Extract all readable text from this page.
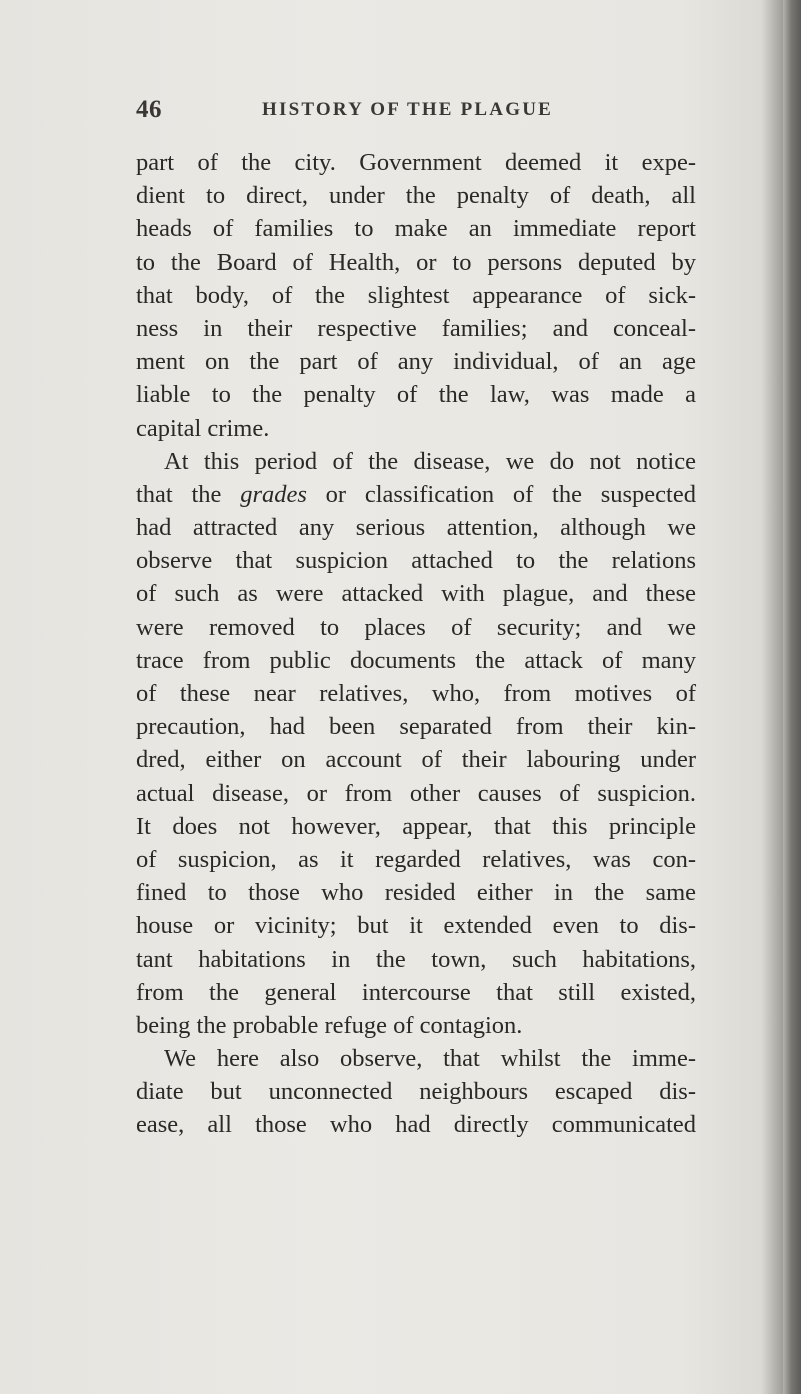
46	HISTORY OF THE PLAGUE
part of the city. Government deemed it expe-
dient to direct, under the penalty of death, all
heads of families to make an immediate report
to the Board of Health, or to persons deputed by
that body, of the slightest appearance of sick-
ness in their respective families; and conceal-
ment on the part of any individual, of an age
liable to the penalty of the law, was made a
capital crime.
At this period of the disease, we do not notice
that the grades or classification of the suspected
had attracted any serious attention, although we
observe that suspicion attached to the relations
of such as were attacked with plague, and these
were removed to places of security; and we
trace from public documents the attack of many
of these near relatives, who, from motives of
precaution, had been separated from their kin-
dred, either on account of their labouring under
actual disease, or from other causes of suspicion.
It does not however, appear, that this principle
of suspicion, as it regarded relatives, was con-
fined to those who resided either in the same
house or vicinity; but it extended even to dis-
tant habitations in the town, such habitations,
from the general intercourse that still existed,
being the probable refuge of contagion.
We here also observe, that whilst the imme-
diate but unconnected neighbours escaped dis-
ease, all those who had directly communicated
